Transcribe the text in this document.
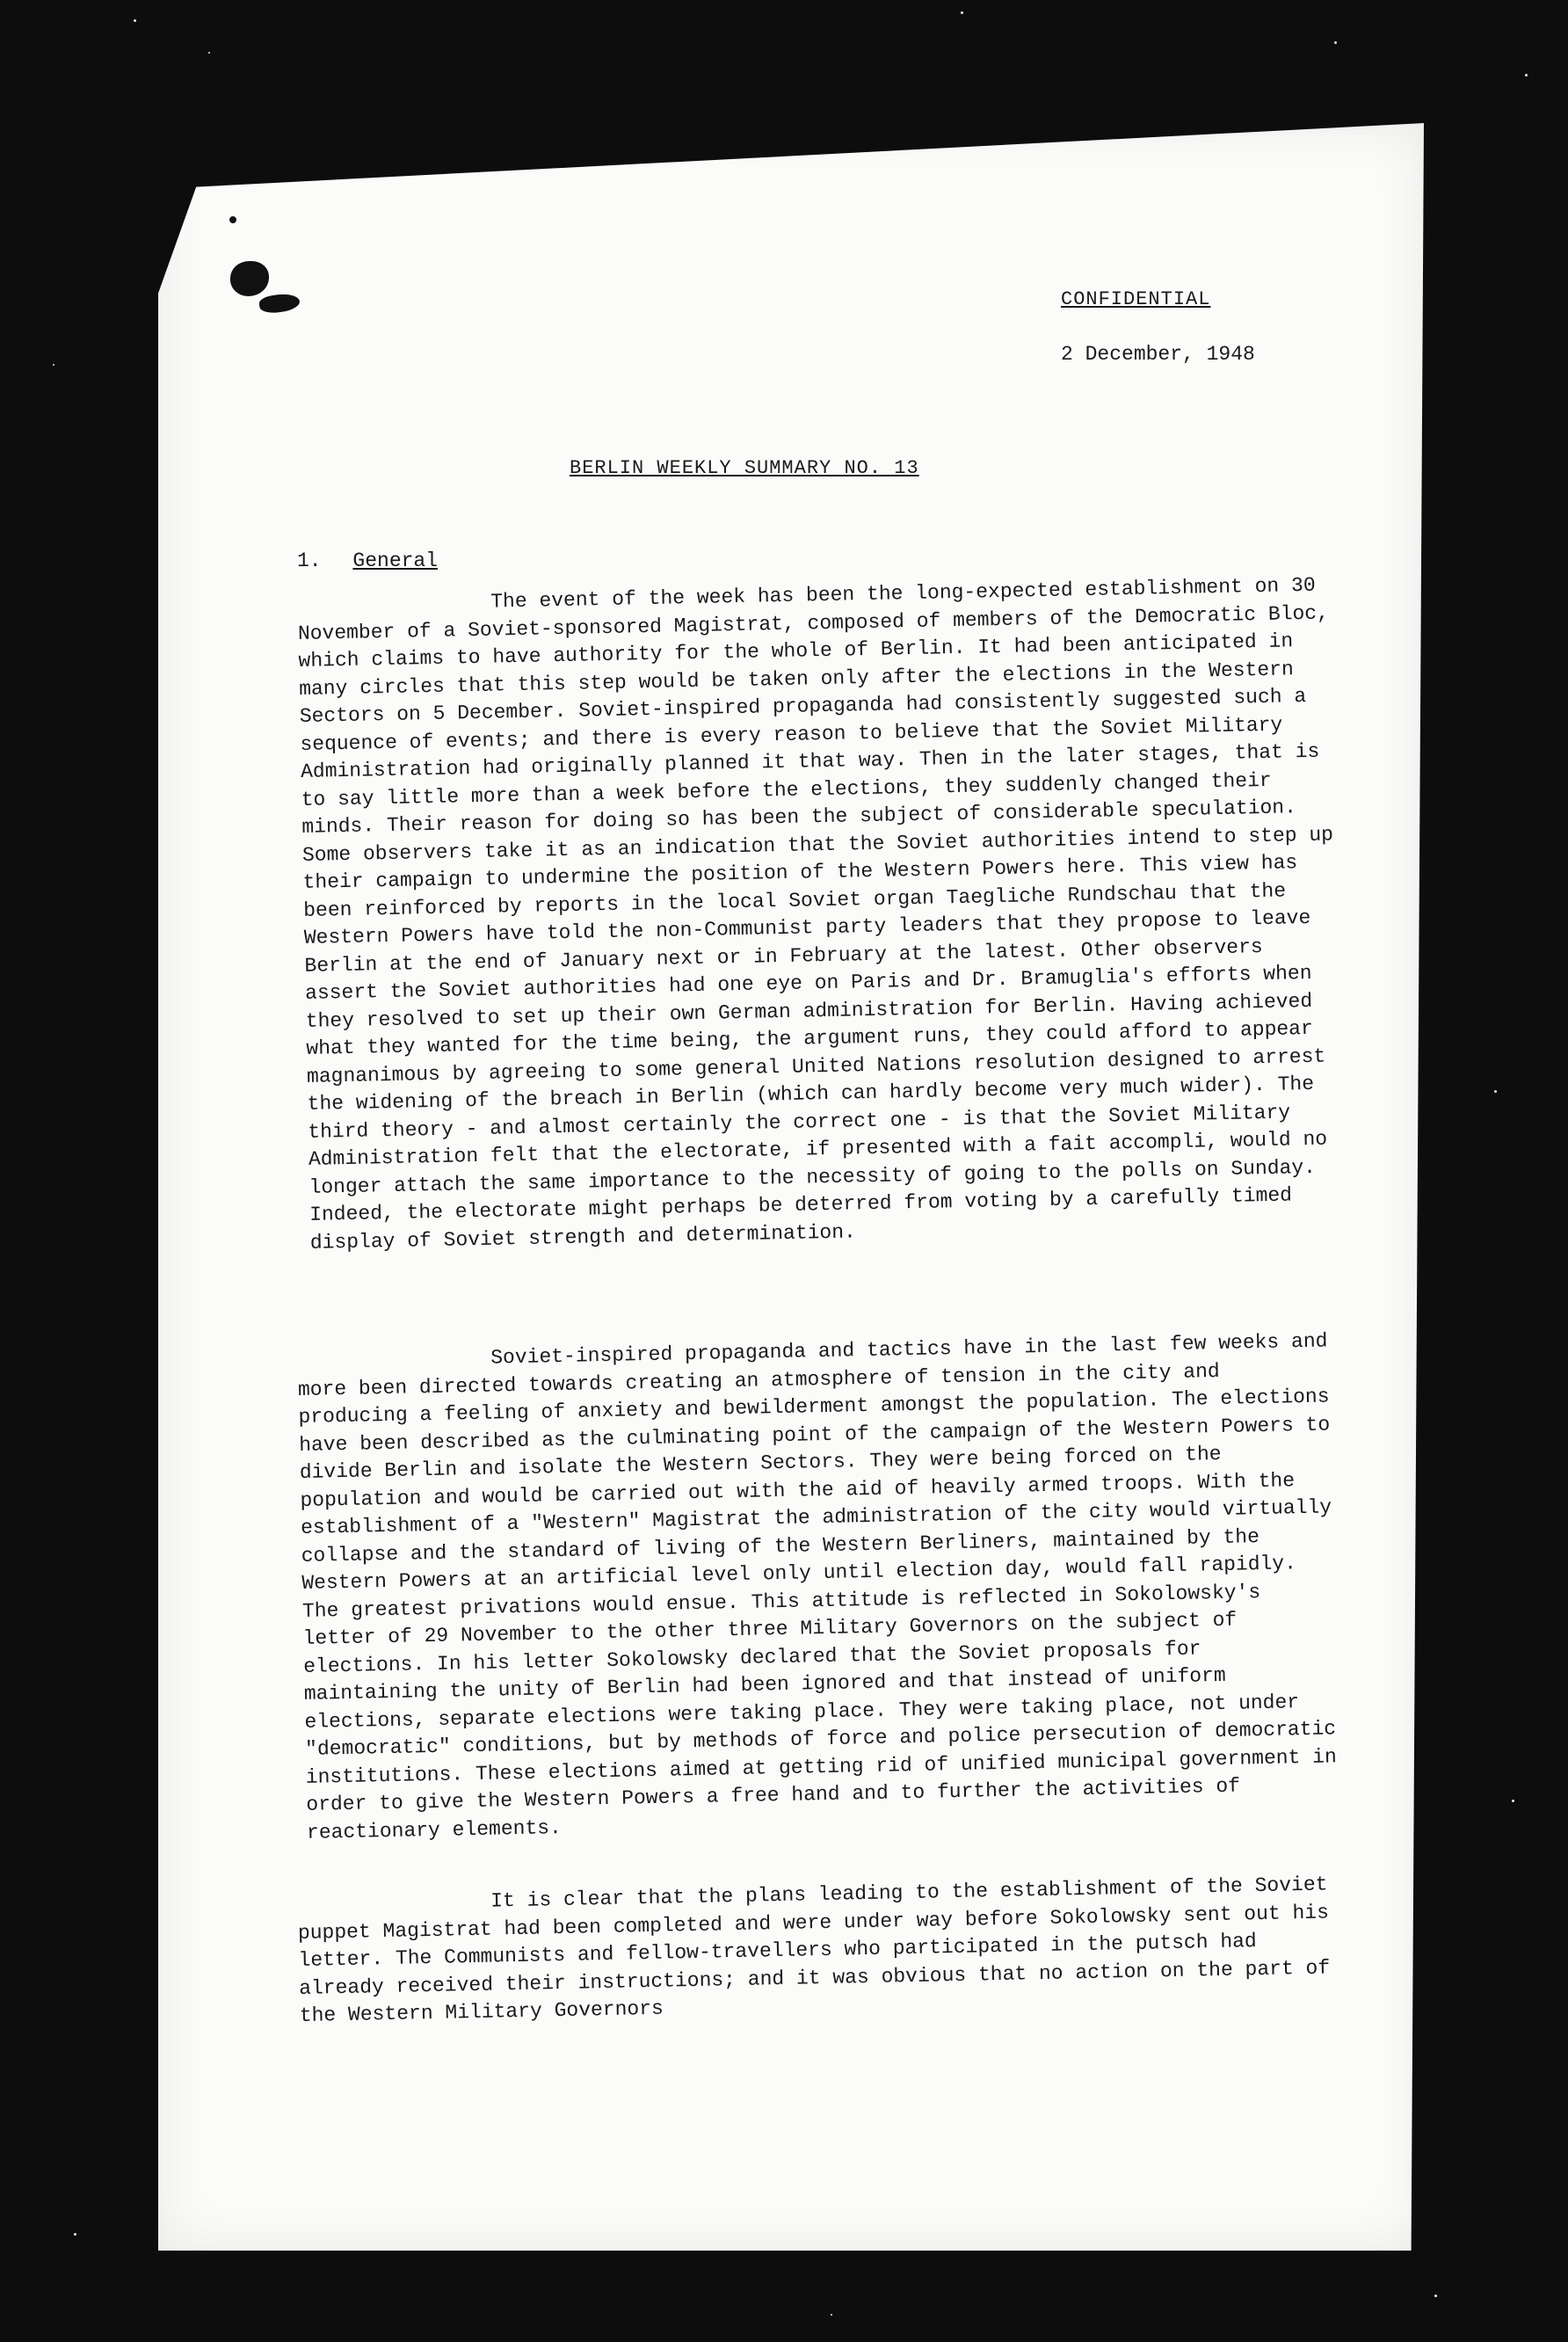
CONFIDENTIAL
2 December, 1948
BERLIN WEEKLY SUMMARY NO. 13
1. General

The event of the week has been the long-expected establishment on 30 November of a Soviet-sponsored Magistrat, composed of members of the Democratic Bloc, which claims to have authority for the whole of Berlin. It had been anticipated in many circles that this step would be taken only after the elections in the Western Sectors on 5 December. Soviet-inspired propaganda had consistently suggested such a sequence of events; and there is every reason to believe that the Soviet Military Administration had originally planned it that way. Then in the later stages, that is to say little more than a week before the elections, they suddenly changed their minds. Their reason for doing so has been the subject of considerable speculation. Some observers take it as an indication that the Soviet authorities intend to step up their campaign to undermine the position of the Western Powers here. This view has been reinforced by reports in the local Soviet organ Taegliche Rundschau that the Western Powers have told the non-Communist party leaders that they propose to leave Berlin at the end of January next or in February at the latest. Other observers assert the Soviet authorities had one eye on Paris and Dr. Bramuglia's efforts when they resolved to set up their own German administration for Berlin. Having achieved what they wanted for the time being, the argument runs, they could afford to appear magnanimous by agreeing to some general United Nations resolution designed to arrest the widening of the breach in Berlin (which can hardly become very much wider). The third theory - and almost certainly the correct one - is that the Soviet Military Administration felt that the electorate, if presented with a fait accompli, would no longer attach the same importance to the necessity of going to the polls on Sunday. Indeed, the electorate might perhaps be deterred from voting by a carefully timed display of Soviet strength and determination.

Soviet-inspired propaganda and tactics have in the last few weeks and more been directed towards creating an atmosphere of tension in the city and producing a feeling of anxiety and bewilderment amongst the population. The elections have been described as the culminating point of the campaign of the Western Powers to divide Berlin and isolate the Western Sectors. They were being forced on the population and would be carried out with the aid of heavily armed troops. With the establishment of a "Western" Magistrat the administration of the city would virtually collapse and the standard of living of the Western Berliners, maintained by the Western Powers at an artificial level only until election day, would fall rapidly. The greatest privations would ensue. This attitude is reflected in Sokolowsky's letter of 29 November to the other three Military Governors on the subject of elections. In his letter Sokolowsky declared that the Soviet proposals for maintaining the unity of Berlin had been ignored and that instead of uniform elections, separate elections were taking place. They were taking place, not under "democratic" conditions, but by methods of force and police persecution of democratic institutions. These elections aimed at getting rid of unified municipal government in order to give the Western Powers a free hand and to further the activities of reactionary elements.

It is clear that the plans leading to the establishment of the Soviet puppet Magistrat had been completed and were under way before Sokolowsky sent out his letter. The Communists and fellow-travellers who participated in the putsch had already received their instructions; and it was obvious that no action on the part of the Western Military Governors
